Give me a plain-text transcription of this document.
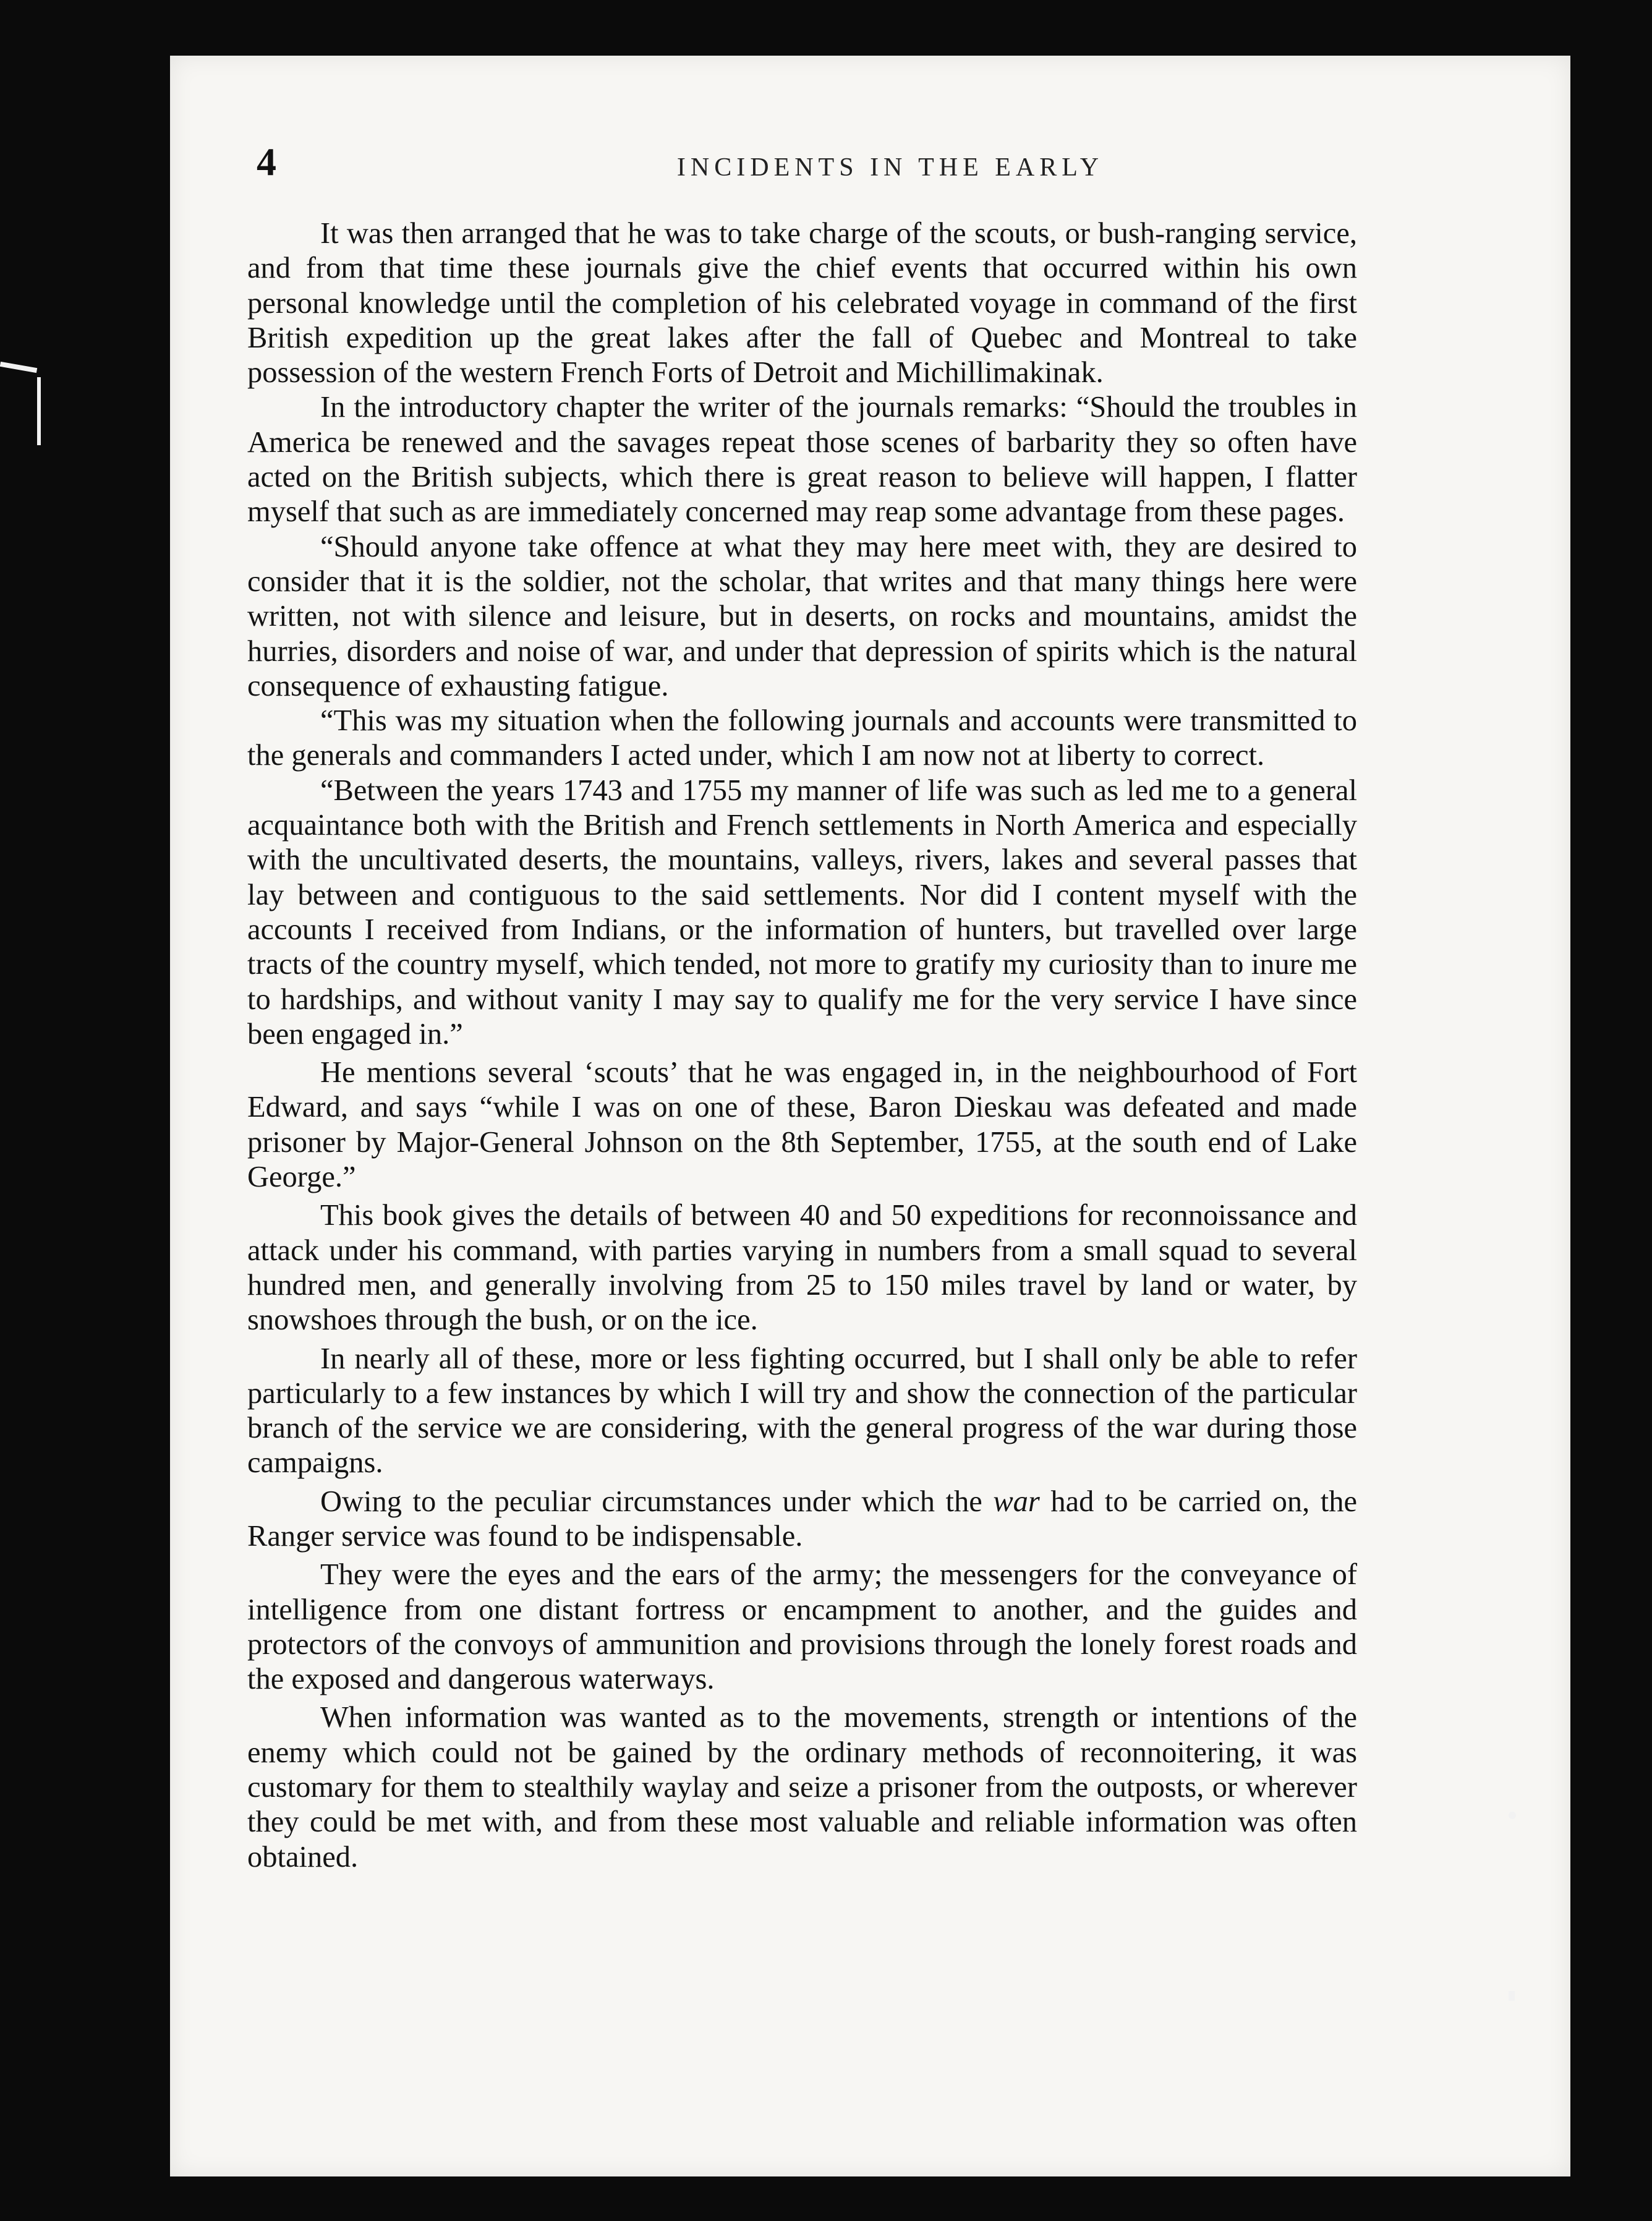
4	INCIDENTS IN THE EARLY

It was then arranged that he was to take charge of the scouts, or bush-ranging service, and from that time these journals give the chief events that occurred within his own personal knowledge until the completion of his celebrated voyage in command of the first British expedition up the great lakes after the fall of Quebec and Montreal to take possession of the western French Forts of Detroit and Michillimakinak.

In the introductory chapter the writer of the journals remarks: “Should the troubles in America be renewed and the savages repeat those scenes of barbarity they so often have acted on the British subjects, which there is great reason to believe will happen, I flatter myself that such as are immediately concerned may reap some advantage from these pages.

“Should anyone take offence at what they may here meet with, they are desired to consider that it is the soldier, not the scholar, that writes and that many things here were written, not with silence and leisure, but in deserts, on rocks and mountains, amidst the hurries, disorders and noise of war, and under that depression of spirits which is the natural consequence of exhausting fatigue.

“This was my situation when the following journals and accounts were transmitted to the generals and commanders I acted under, which I am now not at liberty to correct.

“Between the years 1743 and 1755 my manner of life was such as led me to a general acquaintance both with the British and French settlements in North America and especially with the uncultivated deserts, the mountains, valleys, rivers, lakes and several passes that lay between and contiguous to the said settlements. Nor did I content myself with the accounts I received from Indians, or the information of hunters, but travelled over large tracts of the country myself, which tended, not more to gratify my curiosity than to inure me to hardships, and without vanity I may say to qualify me for the very service I have since been engaged in.”

He mentions several ‘scouts’ that he was engaged in, in the neighbourhood of Fort Edward, and says “while I was on one of these, Baron Dieskau was defeated and made prisoner by Major-General Johnson on the 8th September, 1755, at the south end of Lake George.”

This book gives the details of between 40 and 50 expeditions for reconnoissance and attack under his command, with parties varying in numbers from a small squad to several hundred men, and generally involving from 25 to 150 miles travel by land or water, by snowshoes through the bush, or on the ice.

In nearly all of these, more or less fighting occurred, but I shall only be able to refer particularly to a few instances by which I will try and show the connection of the particular branch of the service we are considering, with the general progress of the war during those campaigns.

Owing to the peculiar circumstances under which the war had to be carried on, the Ranger service was found to be indispensable.

They were the eyes and the ears of the army; the messengers for the conveyance of intelligence from one distant fortress or encampment to another, and the guides and protectors of the convoys of ammunition and provisions through the lonely forest roads and the exposed and dangerous waterways.

When information was wanted as to the movements, strength or intentions of the enemy which could not be gained by the ordinary methods of reconnoitering, it was customary for them to stealthily waylay and seize a prisoner from the outposts, or wherever they could be met with, and from these most valuable and reliable information was often obtained.
